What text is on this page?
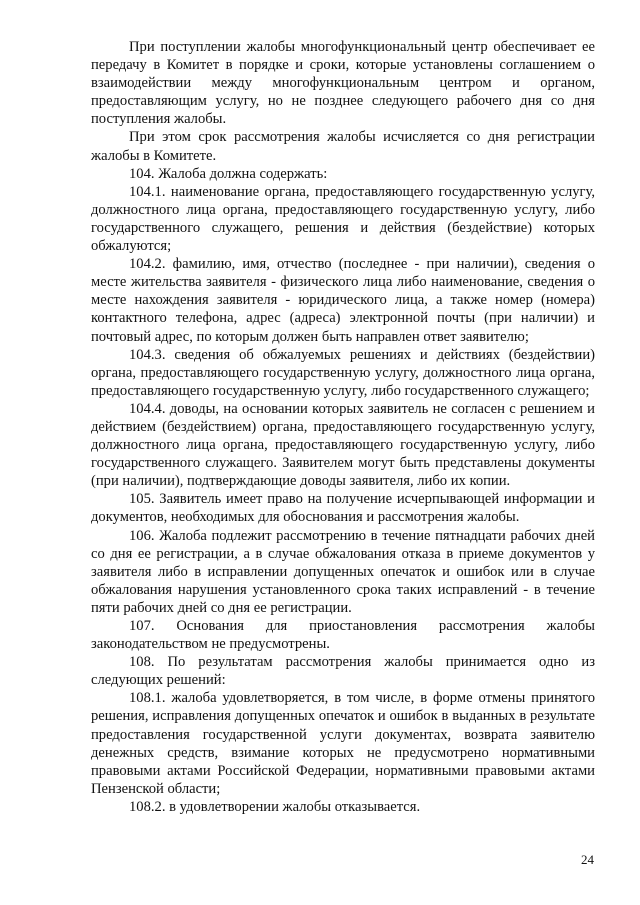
При поступлении жалобы многофункциональный центр обеспечивает ее передачу в Комитет в порядке и сроки, которые установлены соглашением о взаимодействии между многофункциональным центром и органом, предоставляющим услугу, но не позднее следующего рабочего дня со дня поступления жалобы.

При этом срок рассмотрения жалобы исчисляется со дня регистрации жалобы в Комитете.

104. Жалоба должна содержать:

104.1. наименование органа, предоставляющего государственную услугу, должностного лица органа, предоставляющего государственную услугу, либо государственного служащего, решения и действия (бездействие) которых обжалуются;

104.2. фамилию, имя, отчество (последнее - при наличии), сведения о месте жительства заявителя - физического лица либо наименование, сведения о месте нахождения заявителя - юридического лица, а также номер (номера) контактного телефона, адрес (адреса) электронной почты (при наличии) и почтовый адрес, по которым должен быть направлен ответ заявителю;

104.3. сведения об обжалуемых решениях и действиях (бездействии) органа, предоставляющего государственную услугу, должностного лица органа, предоставляющего государственную услугу, либо государственного служащего;

104.4. доводы, на основании которых заявитель не согласен с решением и действием (бездействием) органа, предоставляющего государственную услугу, должностного лица органа, предоставляющего государственную услугу, либо государственного служащего. Заявителем могут быть представлены документы (при наличии), подтверждающие доводы заявителя, либо их копии.

105. Заявитель имеет право на получение исчерпывающей информации и документов, необходимых для обоснования и рассмотрения жалобы.

106. Жалоба подлежит рассмотрению в течение пятнадцати рабочих дней со дня ее регистрации, а в случае обжалования отказа в приеме документов у заявителя либо в исправлении допущенных опечаток и ошибок или в случае обжалования нарушения установленного срока таких исправлений - в течение пяти рабочих дней со дня ее регистрации.

107. Основания для приостановления рассмотрения жалобы законодательством не предусмотрены.

108. По результатам рассмотрения жалобы принимается одно из следующих решений:

108.1. жалоба удовлетворяется, в том числе, в форме отмены принятого решения, исправления допущенных опечаток и ошибок в выданных в результате предоставления государственной услуги документах, возврата заявителю денежных средств, взимание которых не предусмотрено нормативными правовыми актами Российской Федерации, нормативными правовыми актами Пензенской области;

108.2. в удовлетворении жалобы отказывается.

24
